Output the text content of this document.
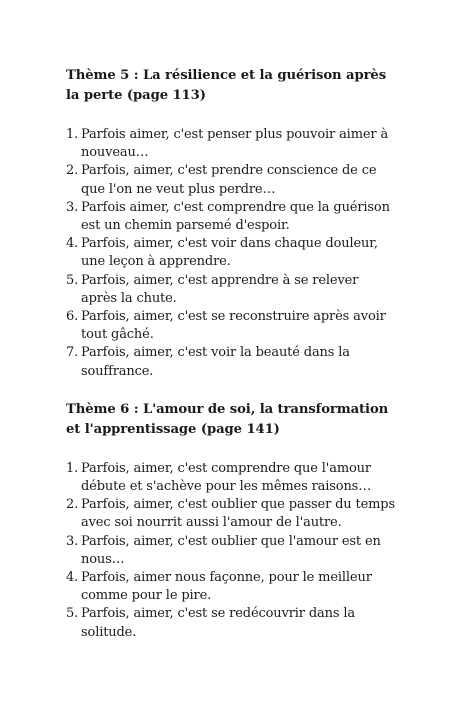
Thème 5 : La résilience et la guérison après la perte (page 113)
1. Parfois aimer, c'est penser plus pouvoir aimer à nouveau…
2. Parfois, aimer, c'est prendre conscience de ce que l'on ne veut plus perdre…
3. Parfois aimer, c'est comprendre que la guérison est un chemin parsemé d'espoir.
4. Parfois, aimer, c'est voir dans chaque douleur, une leçon à apprendre.
5. Parfois, aimer, c'est apprendre à se relever après la chute.
6. Parfois, aimer, c'est se reconstruire après avoir tout gâché.
7. Parfois, aimer, c'est voir la beauté dans la souffrance.
Thème 6 : L'amour de soi, la transformation et l'apprentissage (page 141)
1. Parfois, aimer, c'est comprendre que l'amour débute et s'achève pour les mêmes raisons…
2. Parfois, aimer, c'est oublier que passer du temps avec soi nourrit aussi l'amour de l'autre.
3. Parfois, aimer, c'est oublier que l'amour est en nous…
4. Parfois, aimer nous façonne, pour le meilleur comme pour le pire.
5. Parfois, aimer, c'est se redécouvrir dans la solitude.
